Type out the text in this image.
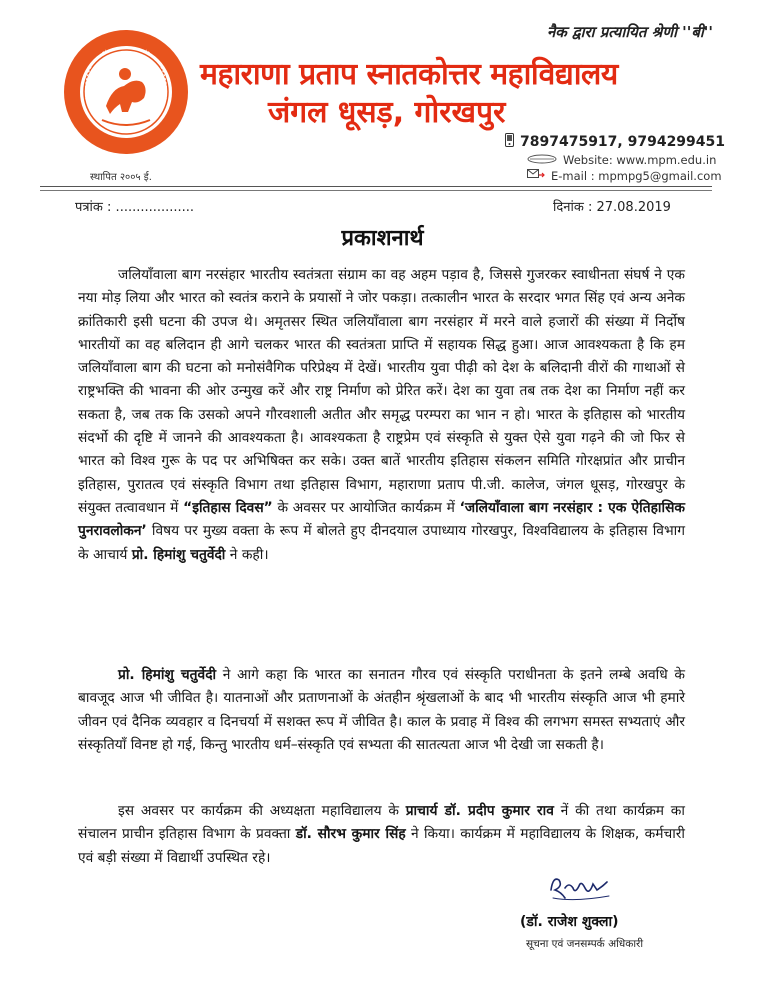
नैक द्वारा प्रत्यायित श्रेणी ''बी''
स्थापित २००५ ई.
महाराणा प्रताप स्नातकोत्तर महाविद्यालय
जंगल धूसड़, गोरखपुर
7897475917, 9794299451
Website: www.mpm.edu.in
E-mail : mpmpg5@gmail.com
पत्रांक : ...................	दिनांक : 27.08.2019
प्रकाशनार्थ

जलियाँवाला बाग नरसंहार भारतीय स्वतंत्रता संग्राम का वह अहम पड़ाव है, जिससे गुजरकर स्वाधीनता संघर्ष ने एक नया मोड़ लिया और भारत को स्वतंत्र कराने के प्रयासों ने जोर पकड़ा। तत्कालीन भारत के सरदार भगत सिंह एवं अन्य अनेक क्रांतिकारी इसी घटना की उपज थे। अमृतसर स्थित जलियाँवाला बाग नरसंहार में मरने वाले हजारों की संख्या में निर्दोष भारतीयों का वह बलिदान ही आगे चलकर भारत की स्वतंत्रता प्राप्ति में सहायक सिद्ध हुआ। आज आवश्यकता है कि हम जलियाँवाला बाग की घटना को मनोसंवैगिक परिप्रेक्ष्य में देखें। भारतीय युवा पीढ़ी को देश के बलिदानी वीरों की गाथाओं से राष्ट्रभक्ति की भावना की ओर उन्मुख करें और राष्ट्र निर्माण को प्रेरित करें। देश का युवा तब तक देश का निर्माण नहीं कर सकता है, जब तक कि उसको अपने गौरवशाली अतीत और समृद्ध परम्परा का भान न हो। भारत के इतिहास को भारतीय संदर्भो की दृष्टि में जानने की आवश्यकता है। आवश्यकता है राष्ट्रप्रेम एवं संस्कृति से युक्त ऐसे युवा गढ़ने की जो फिर से भारत को विश्व गुरू के पद पर अभिषिक्त कर सके। उक्त बातें भारतीय इतिहास संकलन समिति गोरक्षप्रांत और प्राचीन इतिहास, पुरातत्व एवं संस्कृति विभाग तथा इतिहास विभाग, महाराणा प्रताप पी.जी. कालेज, जंगल धूसड़, गोरखपुर के संयुक्त तत्वावधान में “इतिहास दिवस” के अवसर पर आयोजित कार्यक्रम में ‘जलियाँवाला बाग नरसंहार : एक ऐतिहासिक पुनरावलोकन’ विषय पर मुख्य वक्ता के रूप में बोलते हुए दीनदयाल उपाध्याय गोरखपुर, विश्वविद्यालय के इतिहास विभाग के आचार्य प्रो. हिमांशु चतुर्वेदी ने कही।

प्रो. हिमांशु चतुर्वेदी ने आगे कहा कि भारत का सनातन गौरव एवं संस्कृति पराधीनता के इतने लम्बे अवधि के बावजूद आज भी जीवित है। यातनाओं और प्रताणनाओं के अंतहीन श्रृंखलाओं के बाद भी भारतीय संस्कृति आज भी हमारे जीवन एवं दैनिक व्यवहार व दिनचर्या में सशक्त रूप में जीवित है। काल के प्रवाह में विश्व की लगभग समस्त सभ्यताएं और संस्कृतियाँ विनष्ट हो गई, किन्तु भारतीय धर्म–संस्कृति एवं सभ्यता की सातत्यता आज भी देखी जा सकती है।

इस अवसर पर कार्यक्रम की अध्यक्षता महाविद्यालय के प्राचार्य डॉ. प्रदीप कुमार राव नें की तथा कार्यक्रम का संचालन प्राचीन इतिहास विभाग के प्रवक्ता डॉ. सौरभ कुमार सिंह ने किया। कार्यक्रम में महाविद्यालय के शिक्षक, कर्मचारी एवं बड़ी संख्या में विद्यार्थी उपस्थित रहे।

(डॉ. राजेश शुक्ला)
सूचना एवं जनसम्पर्क अधिकारी
